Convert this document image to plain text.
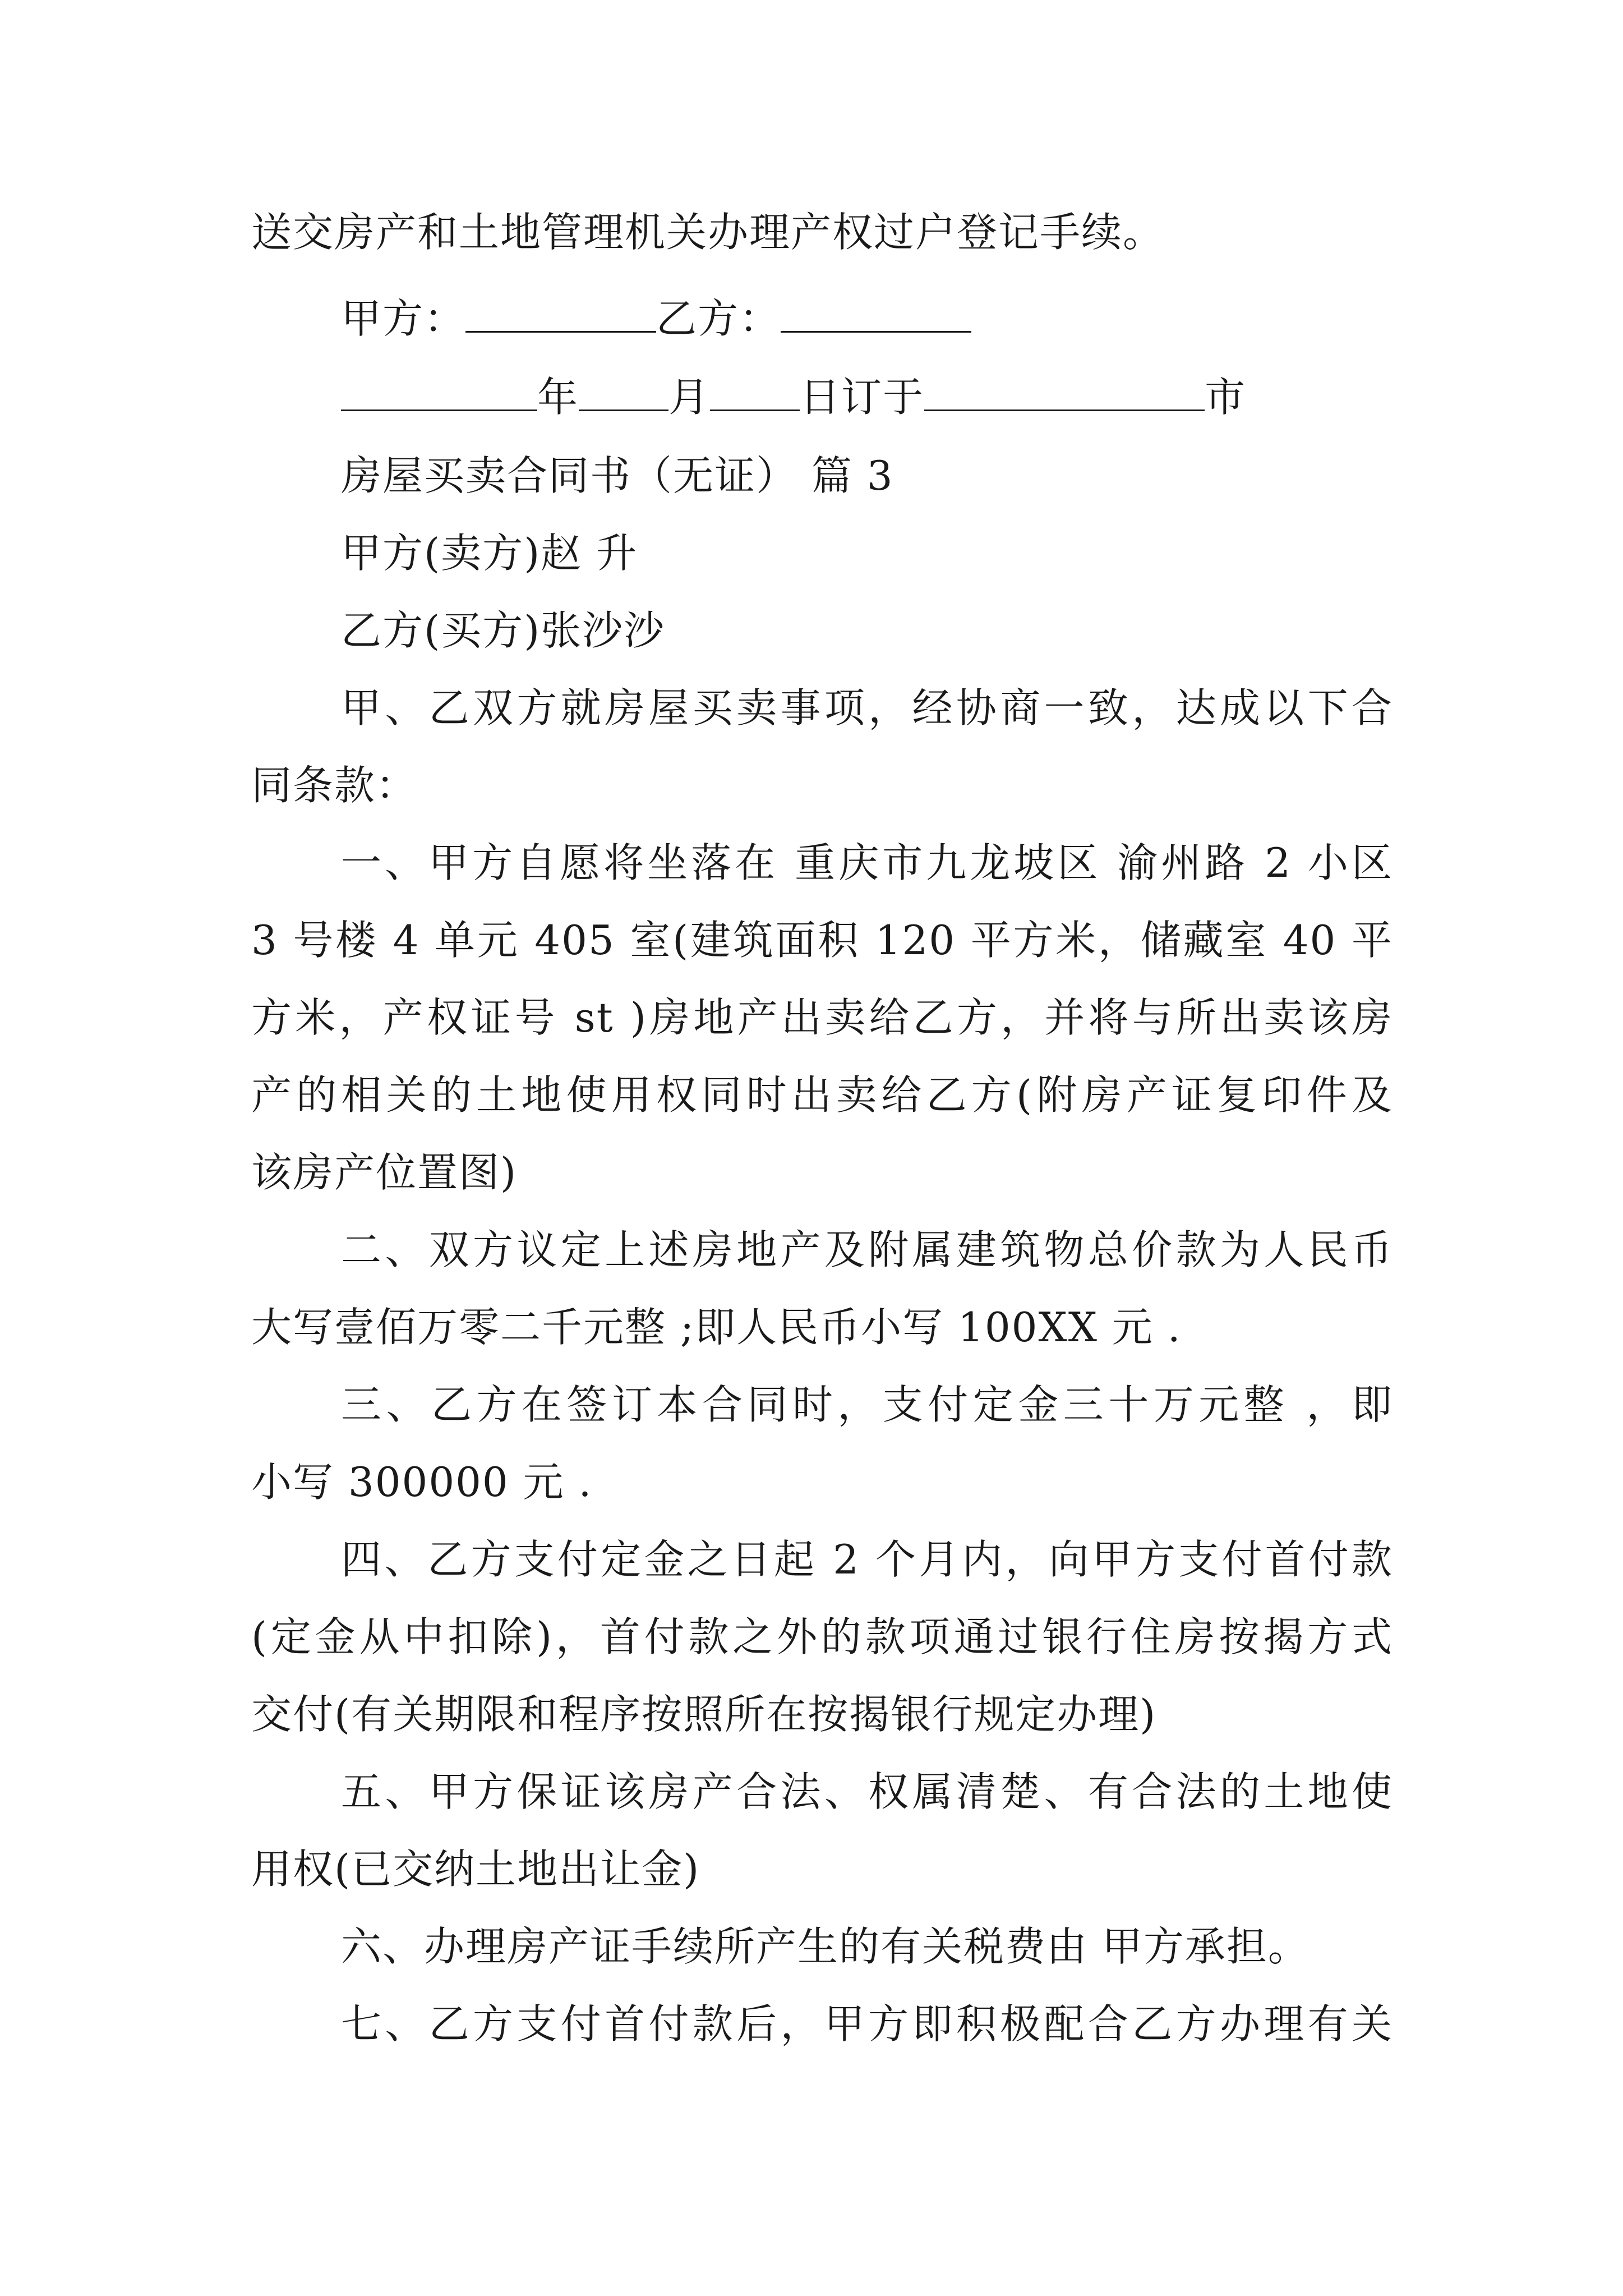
送交房产和土地管理机关办理产权过户登记手续。
甲方：	乙方：
年 月 日订于	市
房屋买卖合同书（无证） 篇 3
甲方(卖方)赵 升
乙方(买方)张沙沙
甲、乙双方就房屋买卖事项，经协商一致，达成以下合
同条款：
一、甲方自愿将坐落在 重庆市九龙坡区 渝州路 2 小区
3 号楼 4 单元 405 室(建筑面积 120 平方米，储藏室 40 平
方米，产权证号 st )房地产出卖给乙方，并将与所出卖该房
产的相关的土地使用权同时出卖给乙方(附房产证复印件及
该房产位置图)
二、双方议定上述房地产及附属建筑物总价款为人民币
大写壹佰万零二千元整 ;即人民币小写 100XX 元 .
三、乙方在签订本合同时，支付定金三十万元整 ，即
小写 300000 元 .
四、乙方支付定金之日起 2 个月内，向甲方支付首付款
(定金从中扣除)，首付款之外的款项通过银行住房按揭方式
交付(有关期限和程序按照所在按揭银行规定办理)
五、甲方保证该房产合法、权属清楚、有合法的土地使
用权(已交纳土地出让金)
六、办理房产证手续所产生的有关税费由 甲方承担。
七、乙方支付首付款后，甲方即积极配合乙方办理有关
